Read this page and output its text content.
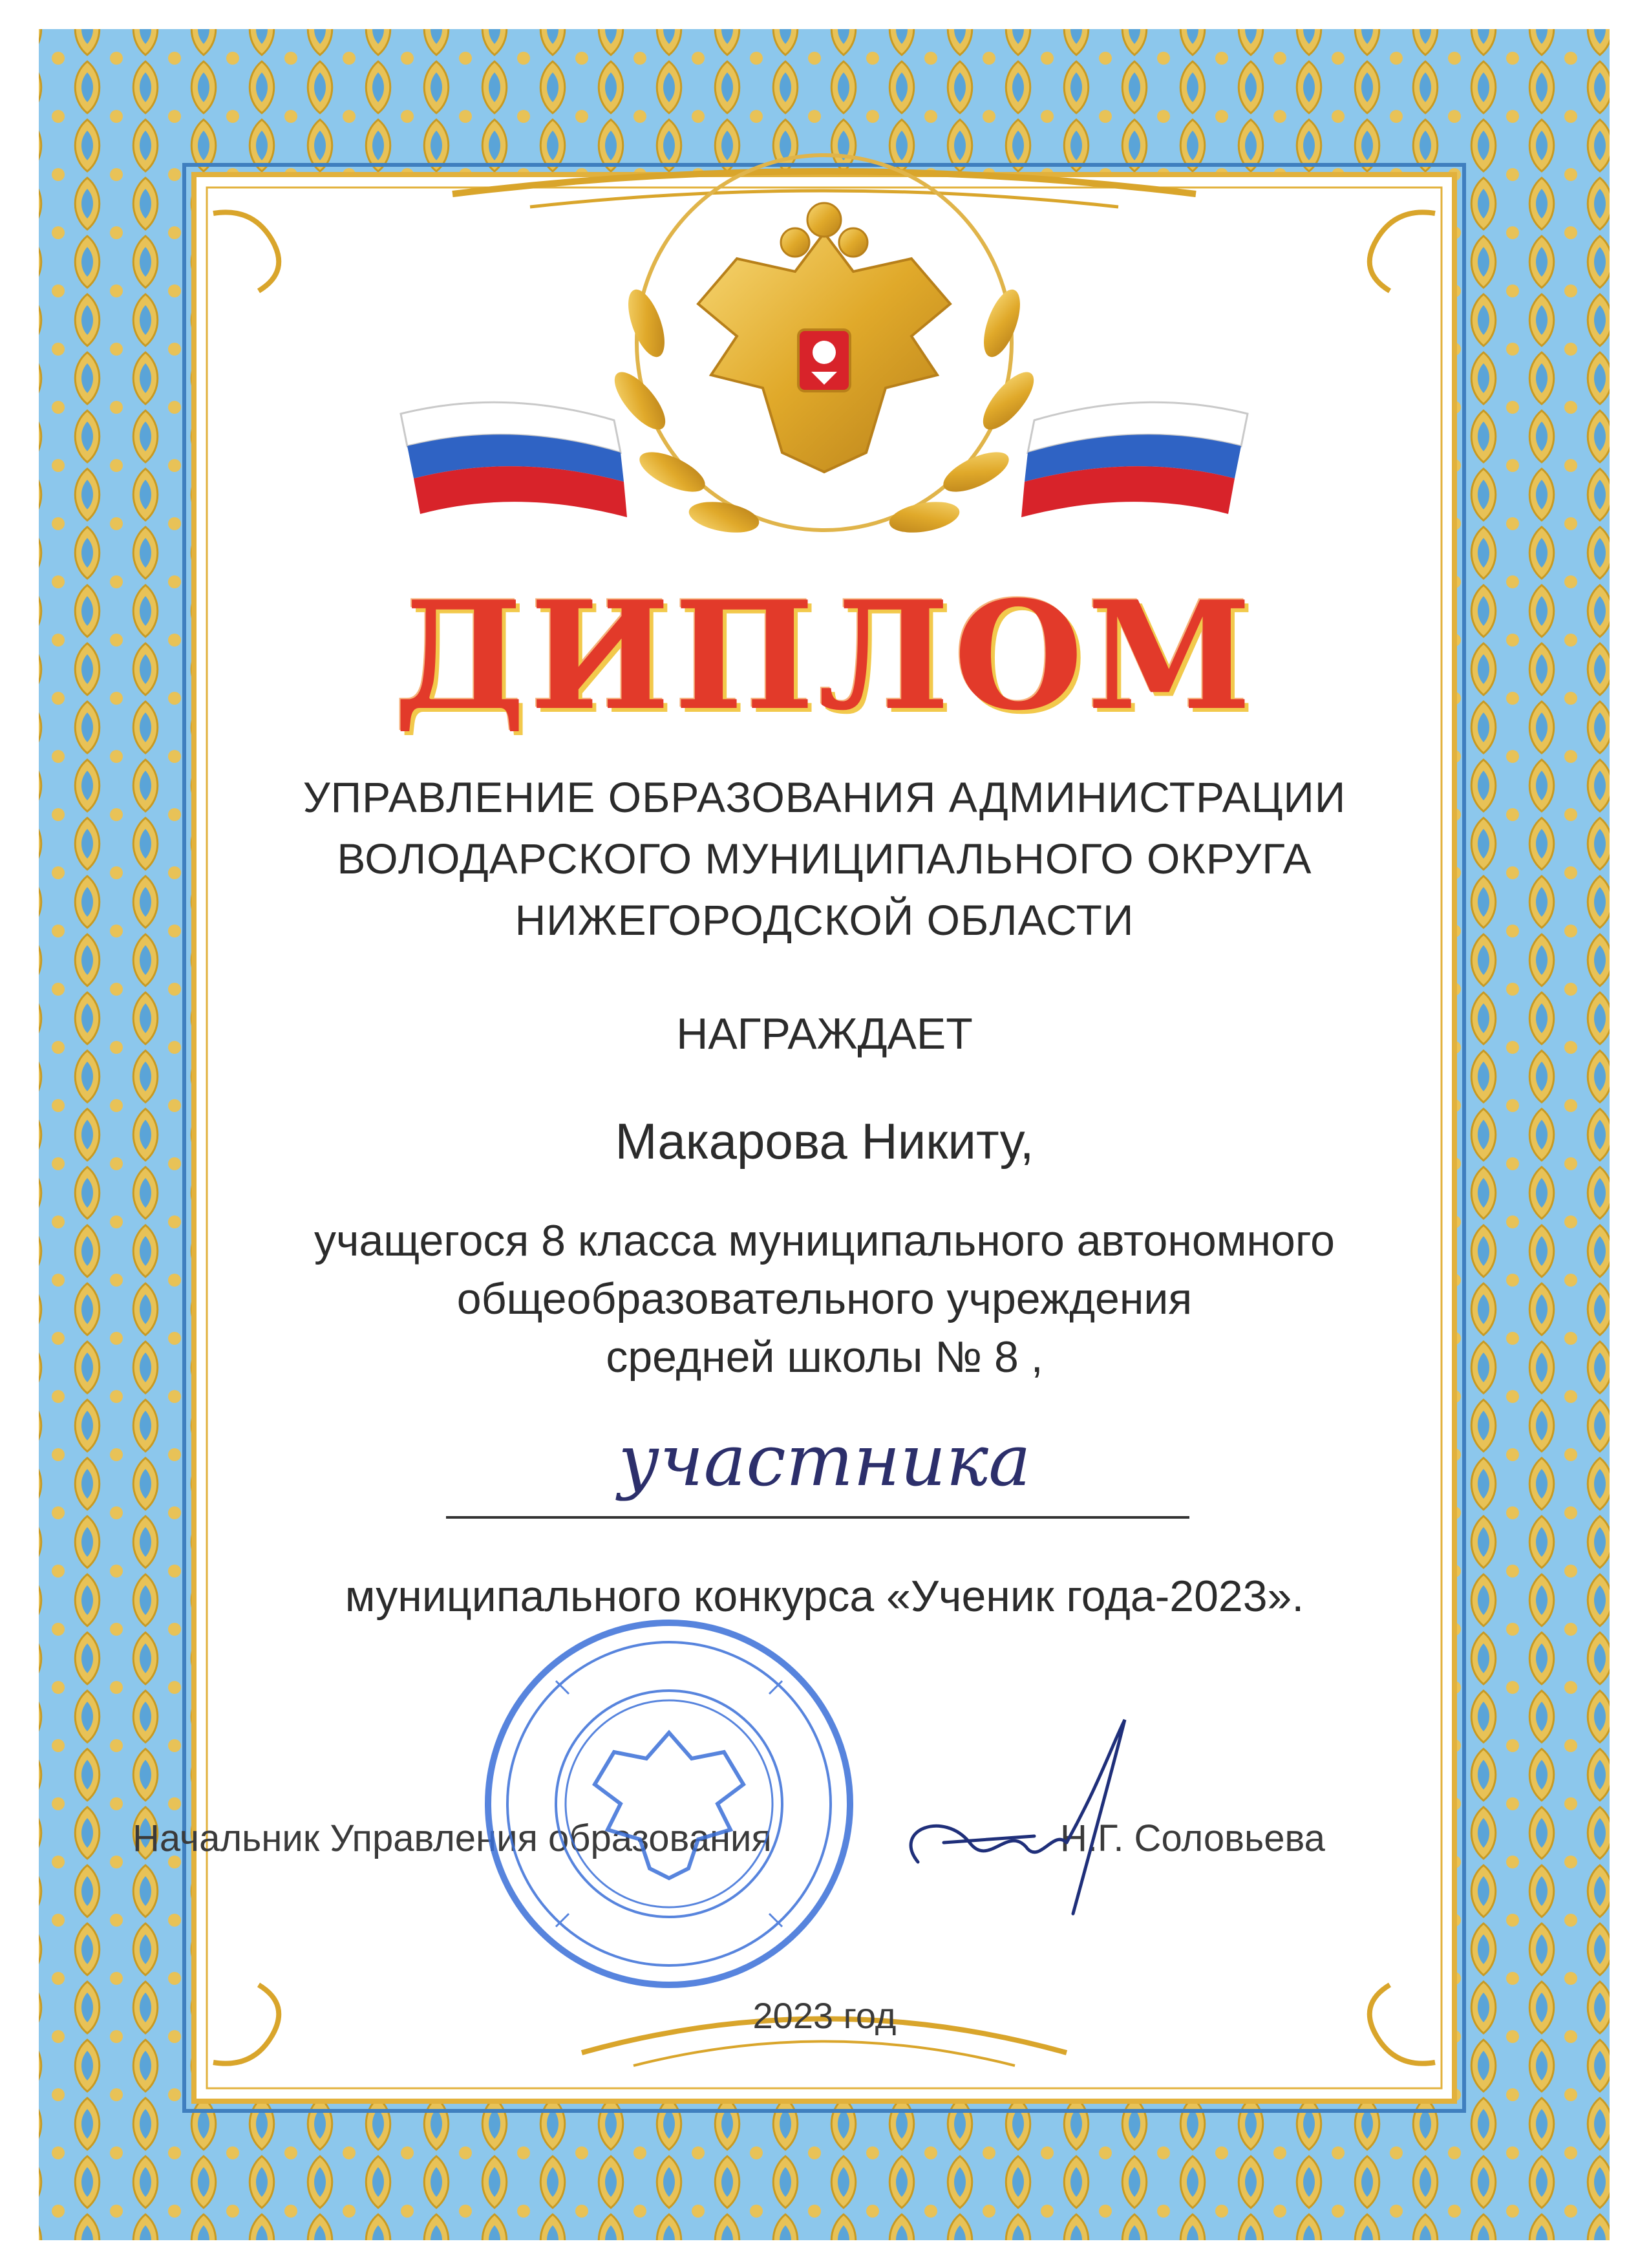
ДИПЛОМ
УПРАВЛЕНИЕ ОБРАЗОВАНИЯ АДМИНИСТРАЦИИ
ВОЛОДАРСКОГО МУНИЦИПАЛЬНОГО ОКРУГА
НИЖЕГОРОДСКОЙ ОБЛАСТИ
НАГРАЖДАЕТ
Макарова Никиту,
учащегося 8 класса муниципального автономного
общеобразовательного учреждения
средней школы № 8 ,
участника
муниципального конкурса «Ученик года-2023».
Начальник Управления образования	Н.Г. Соловьева
2023 год
